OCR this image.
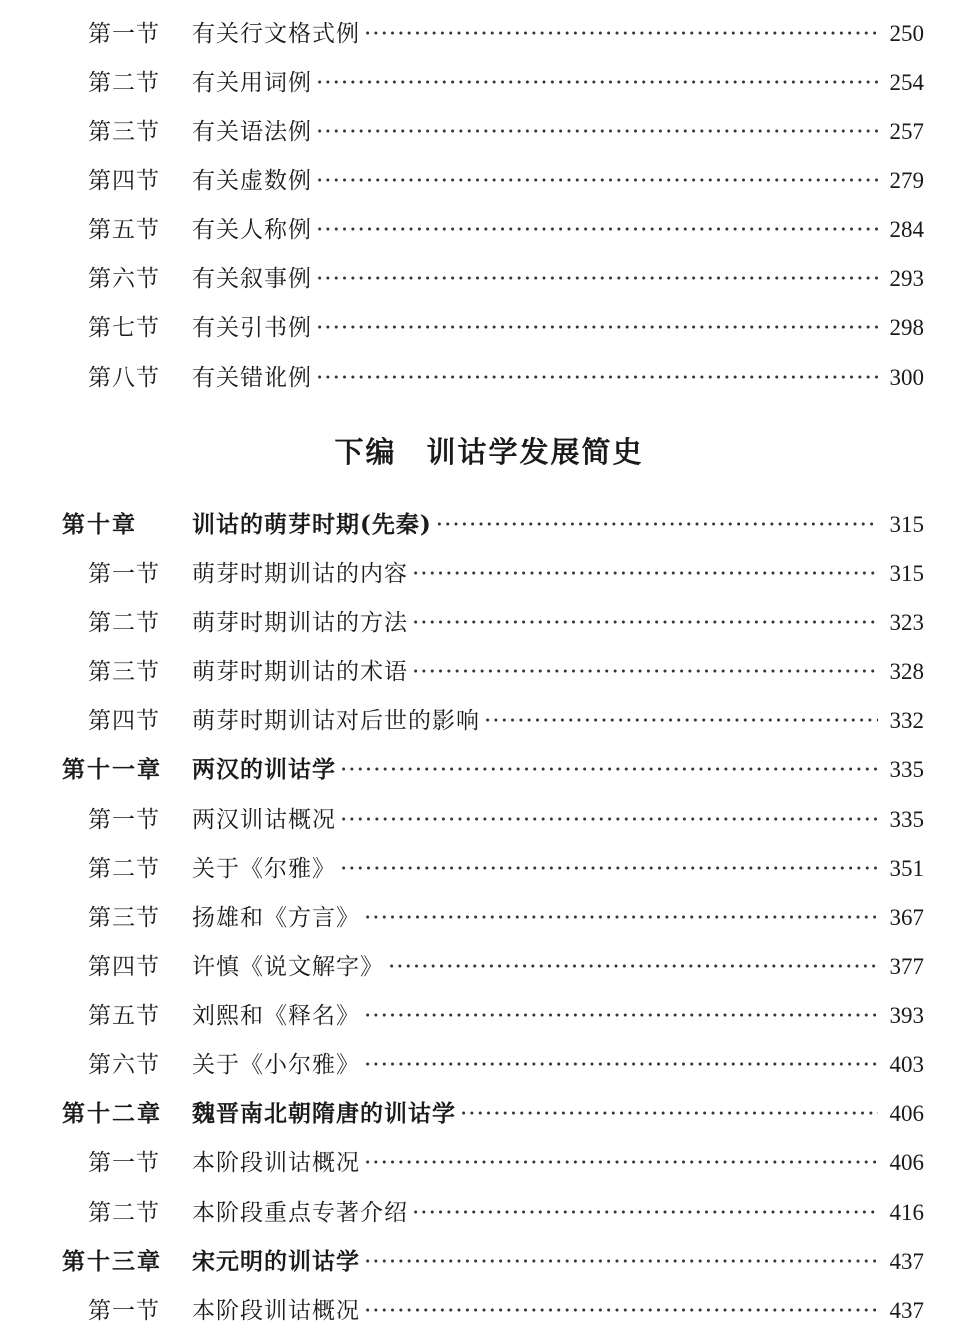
下编 训诂学发展简史
第一节	有关行文格式例 ·····	250
第二节	有关用词例 ·····	254
第三节	有关语法例 ·····	257
第四节	有关虚数例 ·····	279
第五节	有关人称例 ·····	284
第六节	有关叙事例 ·····	293
第七节	有关引书例 ·····	298
第八节	有关错讹例 ·····	300
第十章	训诂的萌芽时期(先秦) ·····	315
第一节	萌芽时期训诂的内容 ·····	315
第二节	萌芽时期训诂的方法 ·····	323
第三节	萌芽时期训诂的术语 ·····	328
第四节	萌芽时期训诂对后世的影响 ·····	332
第十一章	两汉的训诂学 ·····	335
第一节	两汉训诂概况 ·····	335
第二节	关于《尔雅》 ·····	351
第三节	扬雄和《方言》 ·····	367
第四节	许慎《说文解字》 ·····	377
第五节	刘熙和《释名》 ·····	393
第六节	关于《小尔雅》 ·····	403
第十二章	魏晋南北朝隋唐的训诂学 ·····	406
第一节	本阶段训诂概况 ·····	406
第二节	本阶段重点专著介绍 ·····	416
第十三章	宋元明的训诂学 ·····	437
第一节	本阶段训诂概况 ·····	437
